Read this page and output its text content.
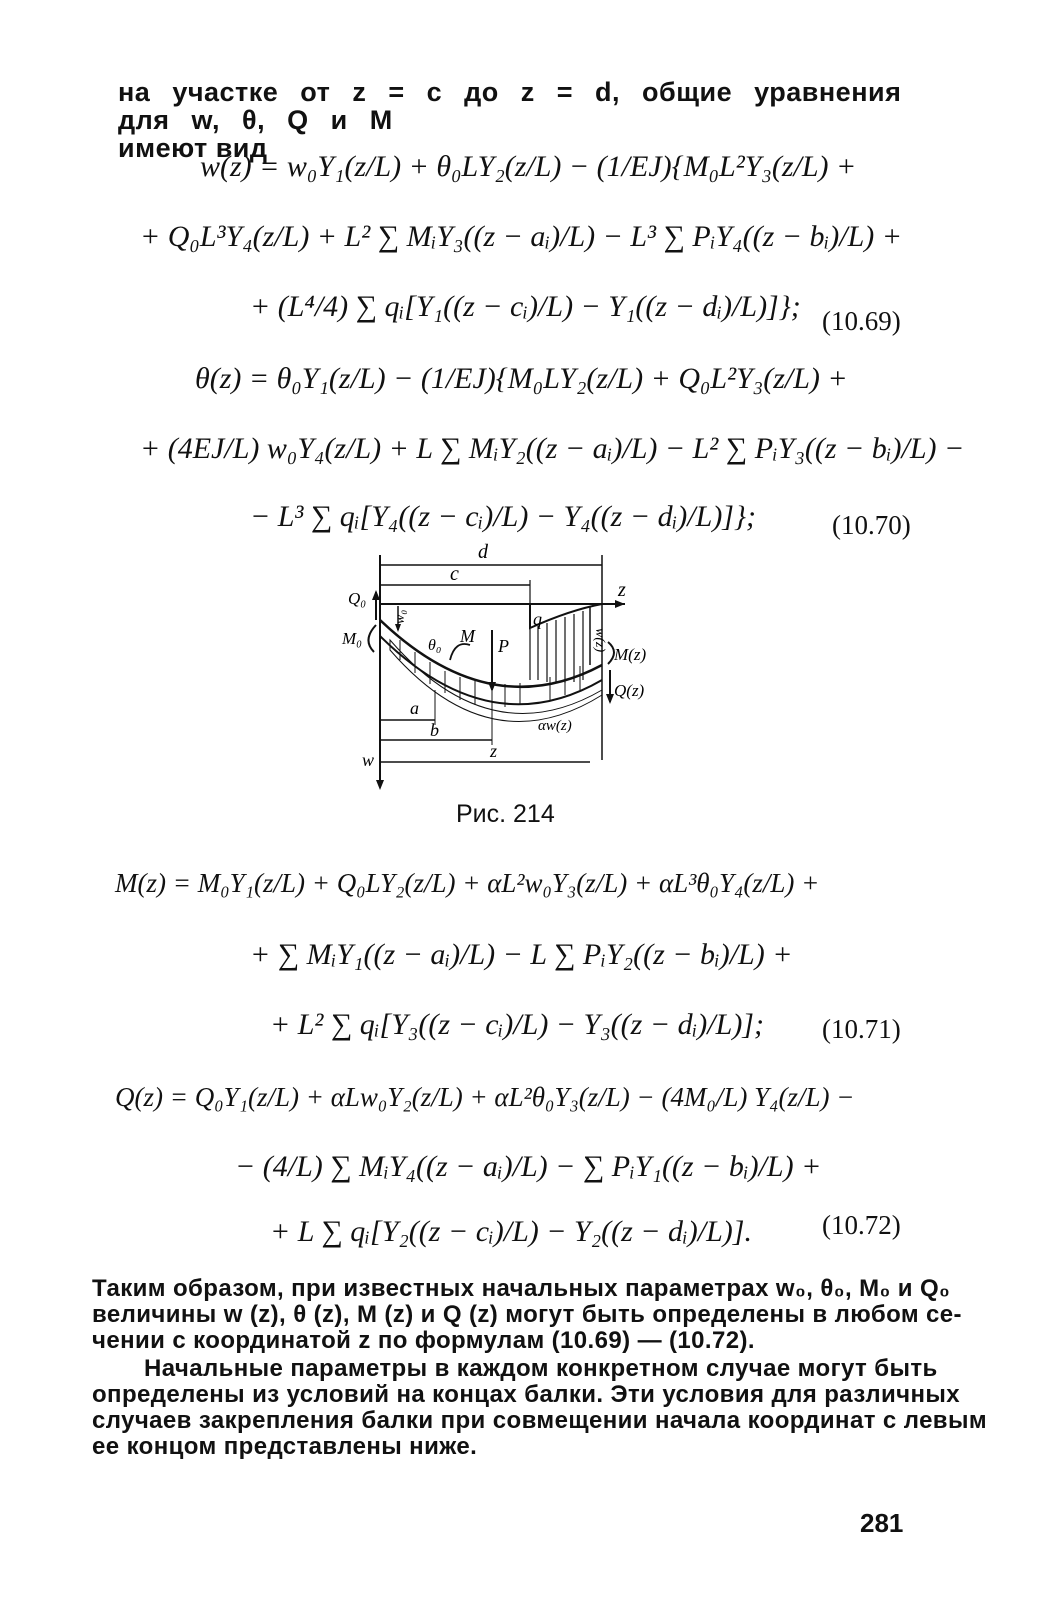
на участке от z = c до z = d, общие уравнения для w, θ, Q и M
имеют вид
w(z) = w₀Y₁(z/L) + θ₀LY₂(z/L) − (1/EJ){M₀L²Y₃(z/L) +
+ Q₀L³Y₄(z/L) + L² ∑ MᵢY₃((z − aᵢ)/L) − L³ ∑ PᵢY₄((z − bᵢ)/L) +
+ (L⁴/4) ∑ qᵢ[Y₁((z − cᵢ)/L) − Y₁((z − dᵢ)/L)]}; (10.69)
θ(z) = θ₀Y₁(z/L) − (1/EJ){M₀LY₂(z/L) + Q₀L²Y₃(z/L) +
+ (4EJ/L) w₀Y₄(z/L) + L ∑ MᵢY₂((z − aᵢ)/L) − L² ∑ PᵢY₃((z − bᵢ)/L) −
− L³ ∑ qᵢ[Y₄((z − cᵢ)/L) − Y₄((z − dᵢ)/L)]};	(10.70)
d
c
z
q
Q₀
M₀
w₀
θ₀ M P	w(z)
M(z)
Q(z)
αw(z)
a
b
z
w
Рис. 214
M(z) = M₀Y₁(z/L) + Q₀LY₂(z/L) + αL²w₀Y₃(z/L) + αL³θ₀Y₄(z/L) +
+ ∑ MᵢY₁((z − aᵢ)/L) − L ∑ PᵢY₂((z − bᵢ)/L) +
+ L² ∑ qᵢ[Y₃((z − cᵢ)/L) − Y₃((z − dᵢ)/L)]; (10.71)
Q(z) = Q₀Y₁(z/L) + αLw₀Y₂(z/L) + αL²θ₀Y₃(z/L) − (4M₀/L) Y₄(z/L) −
− (4/L) ∑ MᵢY₄((z − aᵢ)/L) − ∑ PᵢY₁((z − bᵢ)/L) +
+ L ∑ qᵢ[Y₂((z − cᵢ)/L) − Y₂((z − dᵢ)/L)].	(10.72)
Таким образом, при известных начальных параметрах w₀, θ₀, M₀ и Q₀
величины w (z), θ (z), M (z) и Q (z) могут быть определены в любом се-
чении с координатой z по формулам (10.69) — (10.72).
Начальные параметры в каждом конкретном случае могут быть
определены из условий на концах балки. Эти условия для различных
случаев закрепления балки при совмещении начала координат с левым
ее концом представлены ниже.
281
